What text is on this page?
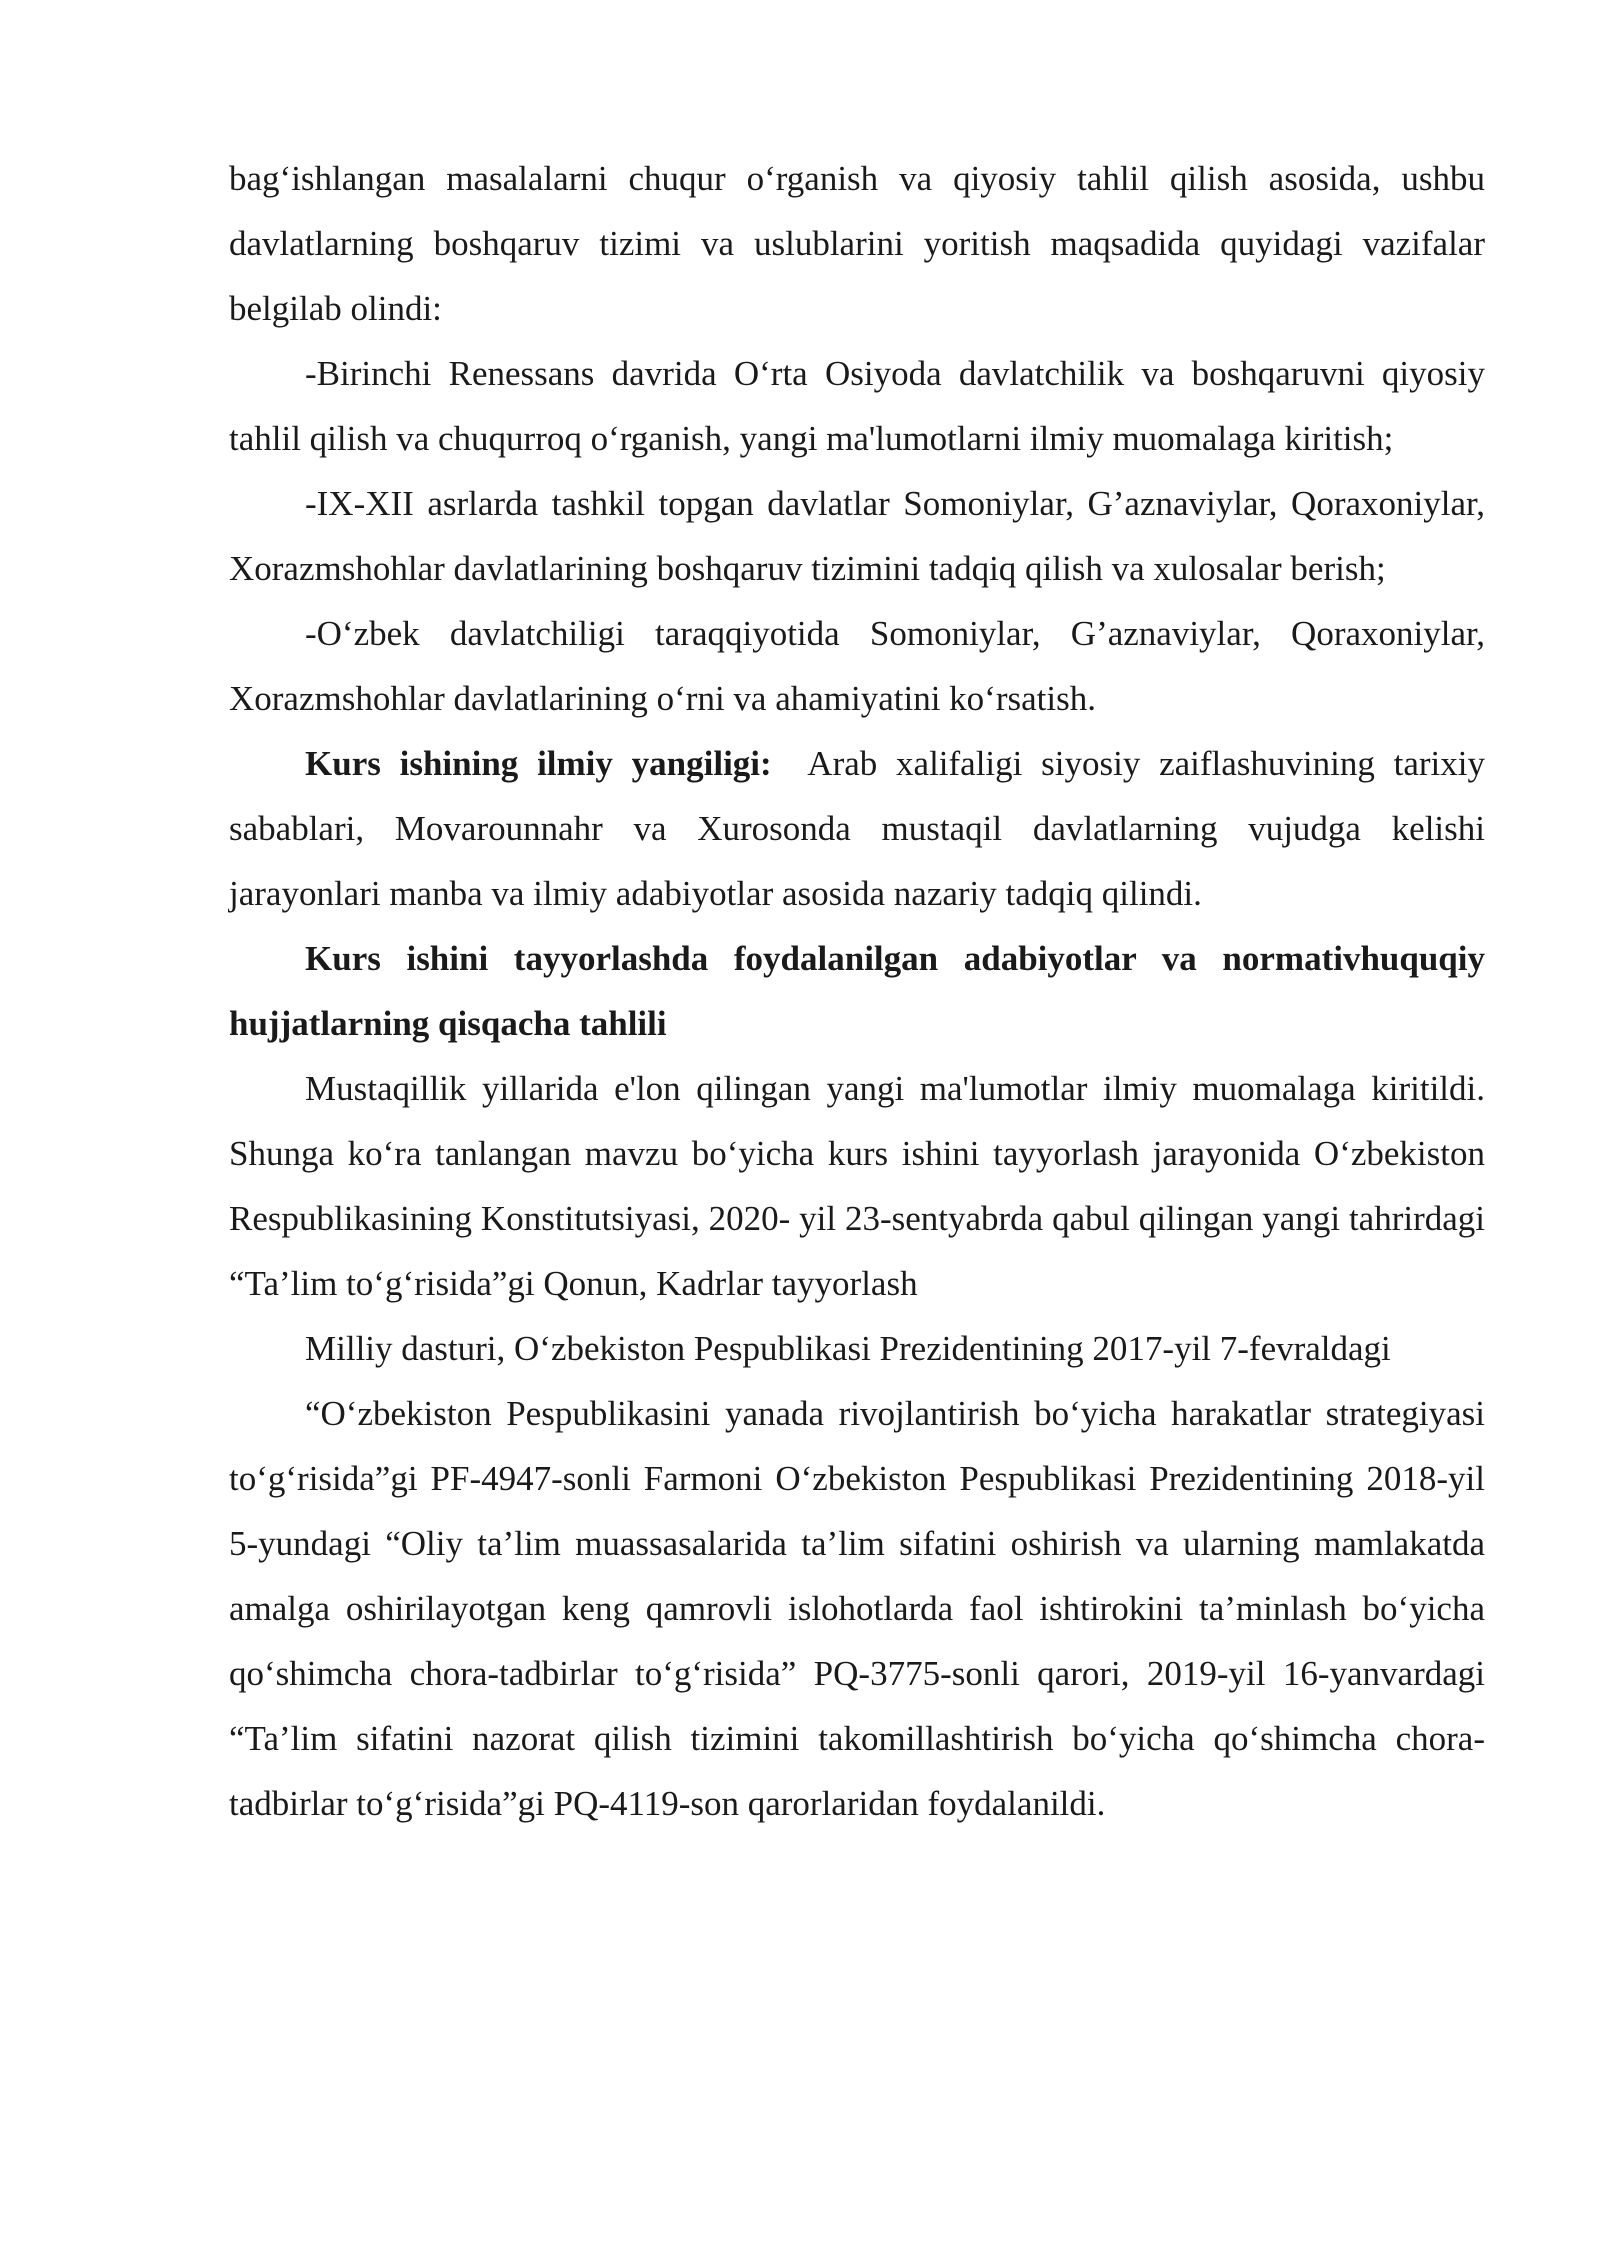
bag‘ishlangan masalalarni chuqur o‘rganish va qiyosiy tahlil qilish asosida, ushbu davlatlarning boshqaruv tizimi va uslublarini yoritish maqsadida quyidagi vazifalar belgilab olindi:

-Birinchi Renessans davrida O‘rta Osiyoda davlatchilik va boshqaruvni qiyosiy tahlil qilish va chuqurroq o‘rganish, yangi ma'lumotlarni ilmiy muomalaga kiritish;

-IX-XII asrlarda tashkil topgan davlatlar Somoniylar, G’aznaviylar, Qoraxoniylar, Xorazmshohlar davlatlarining boshqaruv tizimini tadqiq qilish va xulosalar berish;

-O‘zbek davlatchiligi taraqqiyotida Somoniylar, G’aznaviylar, Qoraxoniylar, Xorazmshohlar davlatlarining o‘rni va ahamiyatini ko‘rsatish.

Kurs ishining ilmiy yangiligi: Arab xalifaligi siyosiy zaiflashuvining tarixiy sabablari, Movarounnahr va Xurosonda mustaqil davlatlarning vujudga kelishi jarayonlari manba va ilmiy adabiyotlar asosida nazariy tadqiq qilindi.

Kurs ishini tayyorlashda foydalanilgan adabiyotlar va normativhuquqiy hujjatlarning qisqacha tahlili

Mustaqillik yillarida e'lon qilingan yangi ma'lumotlar ilmiy muomalaga kiritildi. Shunga ko‘ra tanlangan mavzu bo‘yicha kurs ishini tayyorlash jarayonida O‘zbekiston Respublikasining Konstitutsiyasi, 2020- yil 23-sentyabrda qabul qilingan yangi tahrirdagi “Ta’lim to‘g‘risida”gi Qonun, Kadrlar tayyorlash

Milliy dasturi, O‘zbekiston Pespublikasi Prezidentining 2017-yil 7-fevraldagi

“O‘zbekiston Pespublikasini yanada rivojlantirish bo‘yicha harakatlar strategiyasi to‘g‘risida”gi PF-4947-sonli Farmoni O‘zbekiston Pespublikasi Prezidentining 2018-yil 5-yundagi “Oliy ta’lim muassasalarida ta’lim sifatini oshirish va ularning mamlakatda amalga oshirilayotgan keng qamrovli islohotlarda faol ishtirokini ta’minlash bo‘yicha qo‘shimcha chora-tadbirlar to‘g‘risida” PQ-3775-sonli qarori, 2019-yil 16-yanvardagi “Ta’lim sifatini nazorat qilish tizimini takomillashtirish bo‘yicha qo‘shimcha chora-tadbirlar to‘g‘risida”gi PQ-4119-son qarorlaridan foydalanildi.
